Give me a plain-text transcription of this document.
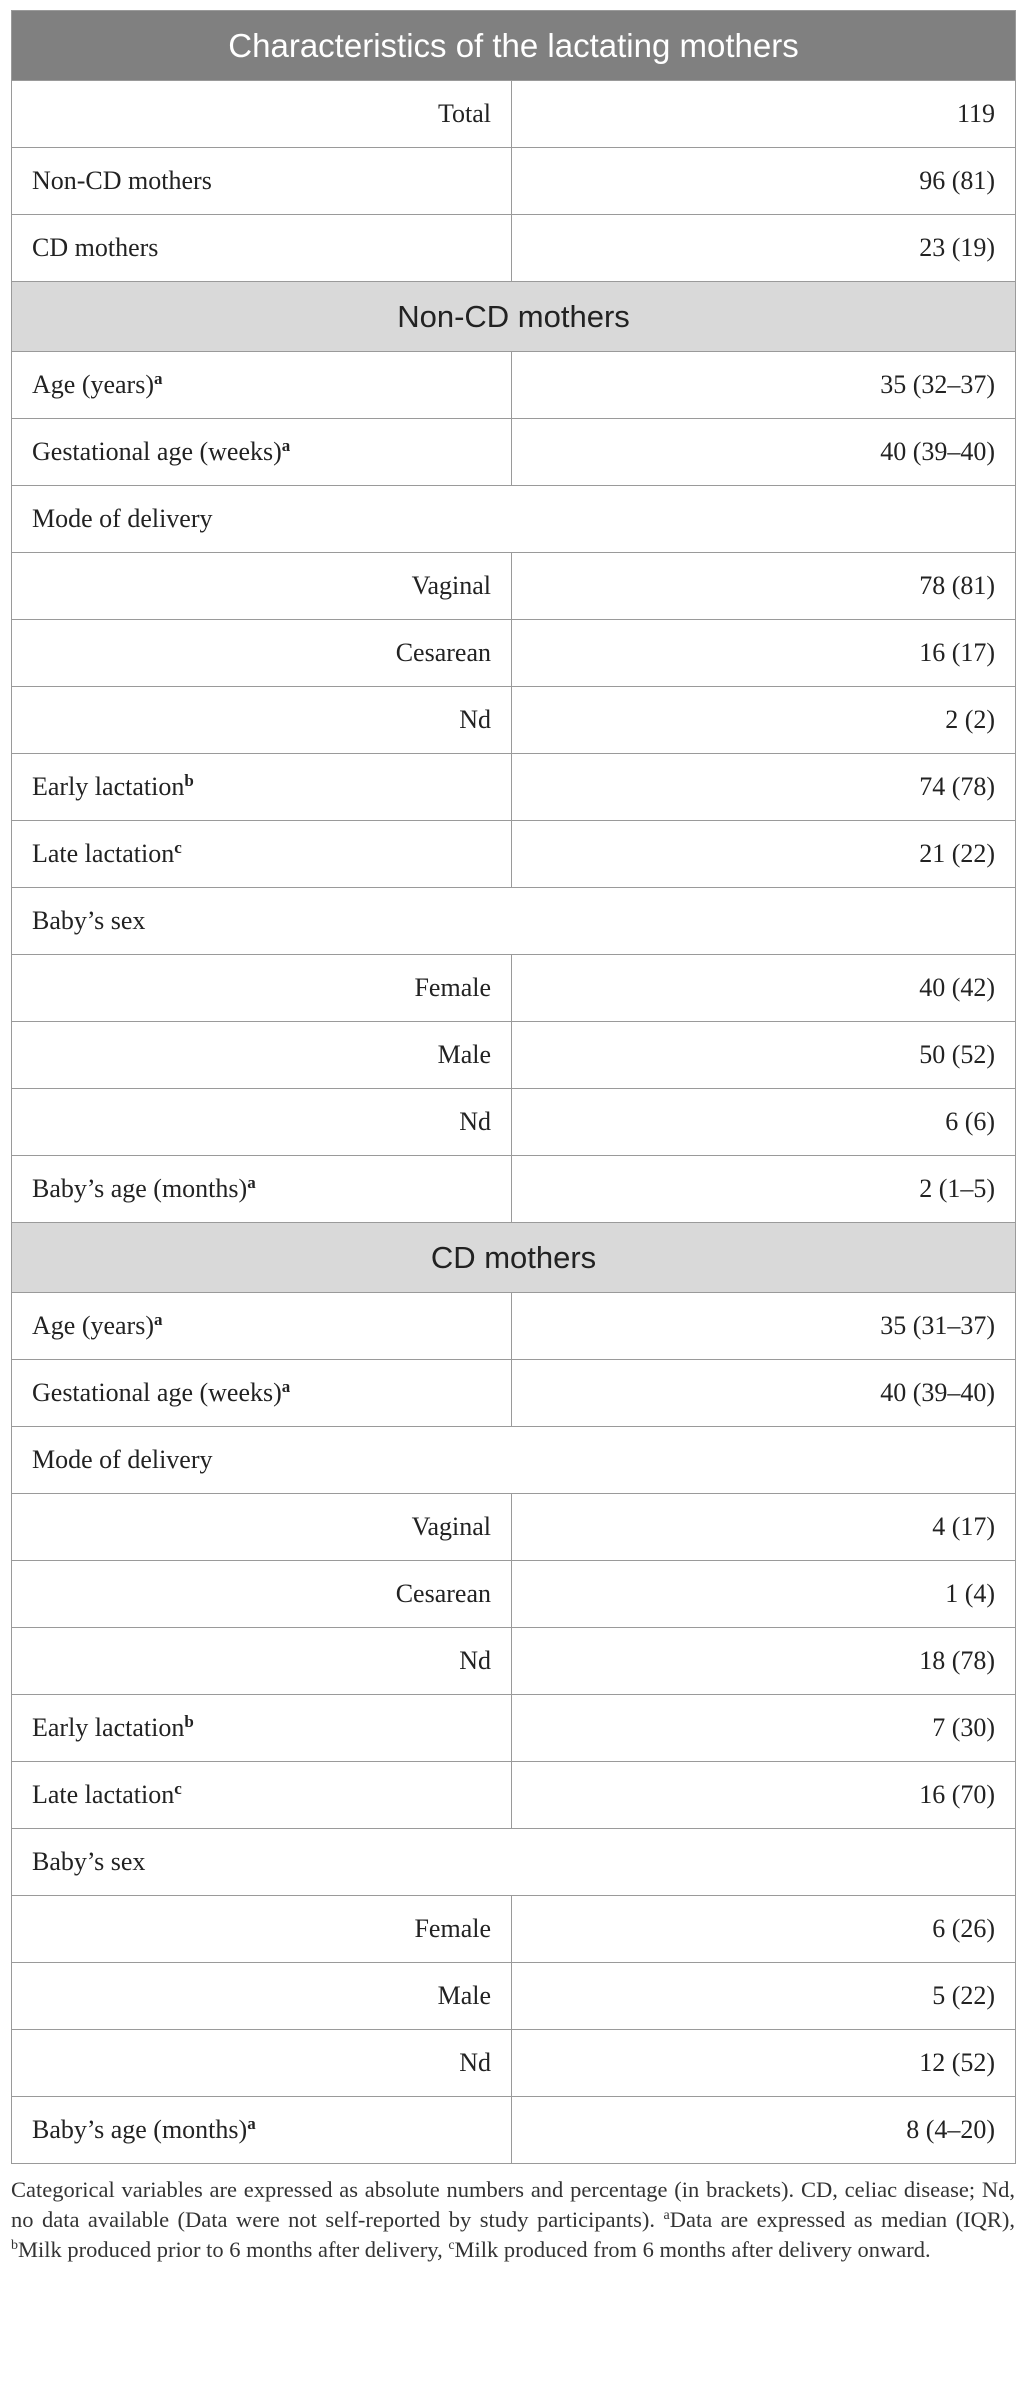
Characteristics of the lactating mothers	
Total	119
Non-CD mothers	96 (81)
CD mothers	23 (19)
Non-CD mothers	
Age (years)$^a$	35 (32–37)
Gestational age (weeks)$^a$	40 (39–40)
Mode of delivery	
Vaginal	78 (81)
Cesarean	16 (17)
Nd	2 (2)
Early lactation$^b$	74 (78)
Late lactation$^c$	21 (22)
Baby’s sex	
Female	40 (42)
Male	50 (52)
Nd	6 (6)
Baby’s age (months)$^a$	2 (1–5)
CD mothers	
Age (years)$^a$	35 (31–37)
Gestational age (weeks)$^a$	40 (39–40)
Mode of delivery	
Vaginal	4 (17)
Cesarean	1 (4)
Nd	18 (78)
Early lactation$^b$	7 (30)
Late lactation$^c$	16 (70)
Baby’s sex	
Female	6 (26)
Male	5 (22)
Nd	12 (52)
Baby’s age (months)$^a$	8 (4–20)
Categorical variables are expressed as absolute numbers and percentage (in brackets). CD, celiac disease; Nd, no data available (Data were not self-reported by study participants). $^a$Data are expressed as median (IQR), $^b$Milk produced prior to 6 months after delivery, $^c$Milk produced from 6 months after delivery onward.
